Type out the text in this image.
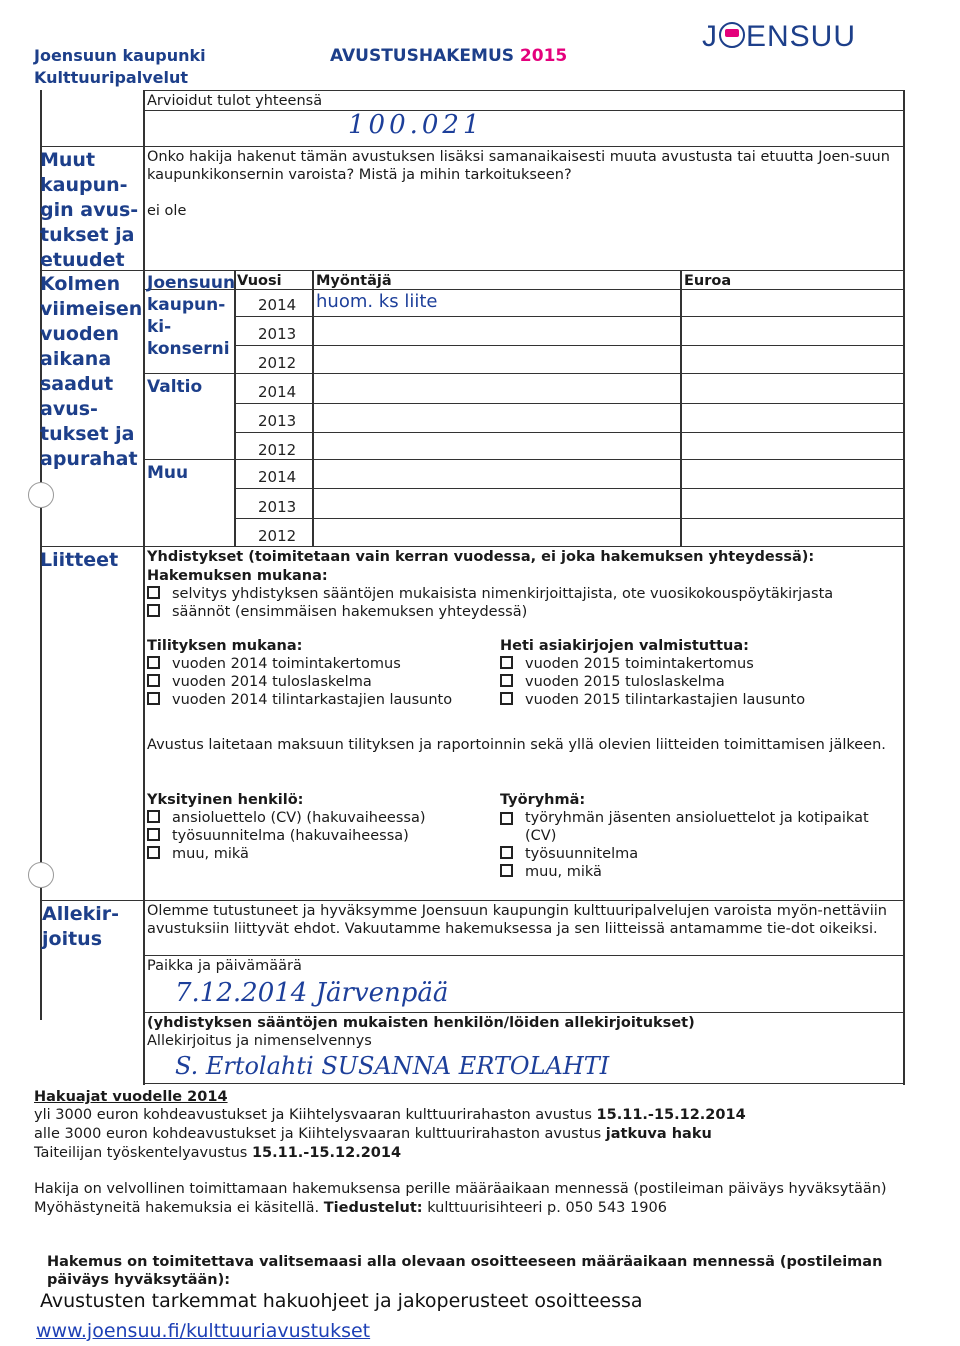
Joensuun kaupunki
Kulttuuripalvelut
AVUSTUSHAKEMUS 2015
J ENSUU
Arvioidut tulot yhteensä
100.021
Muut kaupun-gin avus-tukset ja etuudet
Onko hakija hakenut tämän avustuksen lisäksi samanaikaisesti muuta avustusta tai etuutta Joen-suun kaupunkikonsernin varoista? Mistä ja mihin tarkoitukseen?
ei ole
Kolmen viimeisen vuoden aikana saadut avus-tukset ja apurahat
Vuosi Myöntäjä	Euroa
Joensuun kaupun-ki-konserni
Valtio
Muu
2014
2013
2012
2014
2013
2012
2014
2013
2012
huom. ks liite
Liitteet Yhdistykset (toimitetaan vain kerran vuodessa, ei joka hakemuksen yhteydessä):
Hakemuksen mukana:
selvitys yhdistyksen sääntöjen mukaisista nimenkirjoittajista, ote vuosikokouspöytäkirjasta
säännöt (ensimmäisen hakemuksen yhteydessä)
Tilityksen mukana:
vuoden 2014 toimintakertomus
vuoden 2014 tuloslaskelma
vuoden 2014 tilintarkastajien lausunto
Heti asiakirjojen valmistuttua:
vuoden 2015 toimintakertomus
vuoden 2015 tuloslaskelma
vuoden 2015 tilintarkastajien lausunto
Avustus laitetaan maksuun tilityksen ja raportoinnin sekä yllä olevien liitteiden toimittamisen jälkeen.
Yksityinen henkilö:
ansioluettelo (CV) (hakuvaiheessa)
työsuunnitelma (hakuvaiheessa)
muu, mikä
Työryhmä:
työryhmän jäsenten ansioluettelot ja kotipaikat (CV)
työsuunnitelma
muu, mikä
Allekir-joitus
Olemme tutustuneet ja hyväksymme Joensuun kaupungin kulttuuripalvelujen varoista myön-nettäviin avustuksiin liittyvät ehdot. Vakuutamme hakemuksessa ja sen liitteissä antamamme tie-dot oikeiksi.
Paikka ja päivämäärä
7.12.2014 Järvenpää
(yhdistyksen sääntöjen mukaisten henkilön/löiden allekirjoitukset)
Allekirjoitus ja nimenselvennys
S. Ertolahti SUSANNA ERTOLAHTI
Hakuajat vuodelle 2014
yli 3000 euron kohdeavustukset ja Kiihtelysvaaran kulttuurirahaston avustus 15.11.-15.12.2014
alle 3000 euron kohdeavustukset ja Kiihtelysvaaran kulttuurirahaston avustus jatkuva haku
Taiteilijan työskentelyavustus 15.11.-15.12.2014
Hakija on velvollinen toimittamaan hakemuksensa perille määräaikaan mennessä (postileiman päiväys hyväksytään)
Myöhästyneitä hakemuksia ei käsitellä. Tiedustelut: kulttuurisihteeri p. 050 543 1906
Hakemus on toimitettava valitsemaasi alla olevaan osoitteeseen määräaikaan mennessä (postileiman päiväys hyväksytään):
Avustusten tarkemmat hakuohjeet ja jakoperusteet osoitteessa
www.joensuu.fi/kulttuuriavustukset
